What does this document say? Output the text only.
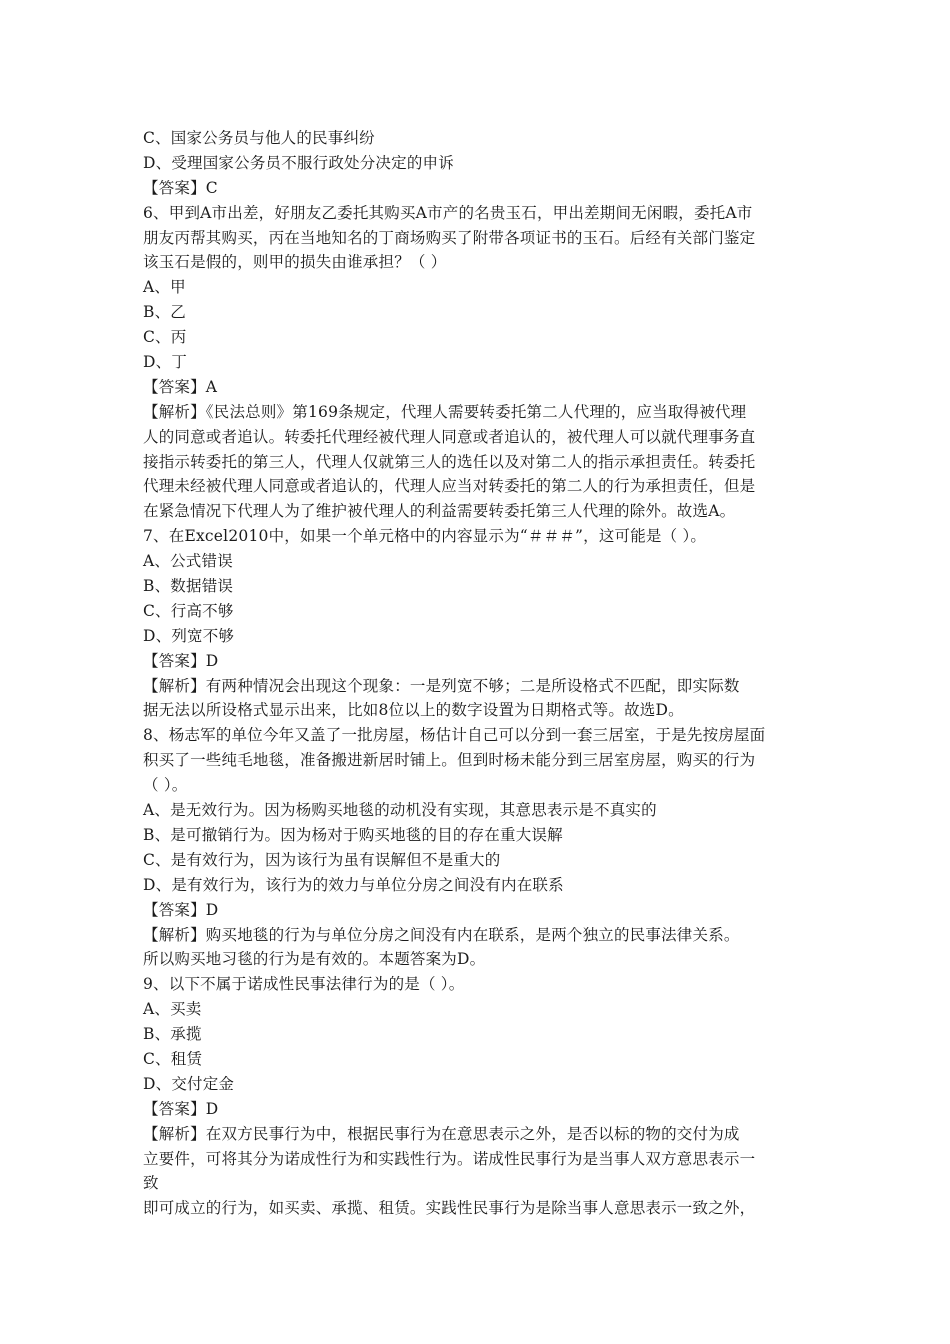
C、国家公务员与他人的民事纠纷
D、受理国家公务员不服行政处分决定的申诉
【答案】C
6、甲到A市出差，好朋友乙委托其购买A市产的名贵玉石，甲出差期间无闲暇，委托A市
朋友丙帮其购买，丙在当地知名的丁商场购买了附带各项证书的玉石。后经有关部门鉴定
该玉石是假的，则甲的损失由谁承担？（ ）
A、甲
B、乙
C、丙
D、丁
【答案】A
【解析】《民法总则》第169条规定，代理人需要转委托第二人代理的，应当取得被代理
人的同意或者追认。转委托代理经被代理人同意或者追认的，被代理人可以就代理事务直
接指示转委托的第三人，代理人仅就第三人的选任以及对第二人的指示承担责任。转委托
代理未经被代理人同意或者追认的，代理人应当对转委托的第二人的行为承担责任，但是
在紧急情况下代理人为了维护被代理人的利益需要转委托第三人代理的除外。故选A。
7、在Excel2010中，如果一个单元格中的内容显示为“＃＃＃”，这可能是（ ）。
A、公式错误
B、数据错误
C、行高不够
D、列宽不够
【答案】D
【解析】有两种情况会出现这个现象：一是列宽不够；二是所设格式不匹配，即实际数
据无法以所设格式显示出来，比如8位以上的数字设置为日期格式等。故选D。
8、杨志军的单位今年又盖了一批房屋，杨估计自己可以分到一套三居室，于是先按房屋面
积买了一些纯毛地毯，准备搬进新居时铺上。但到时杨未能分到三居室房屋，购买的行为
（ ）。
A、是无效行为。因为杨购买地毯的动机没有实现，其意思表示是不真实的
B、是可撤销行为。因为杨对于购买地毯的目的存在重大误解
C、是有效行为，因为该行为虽有误解但不是重大的
D、是有效行为，该行为的效力与单位分房之间没有内在联系
【答案】D
【解析】购买地毯的行为与单位分房之间没有内在联系，是两个独立的民事法律关系。
所以购买地习毯的行为是有效的。本题答案为D。
9、以下不属于诺成性民事法律行为的是（ ）。
A、买卖
B、承揽
C、租赁
D、交付定金
【答案】D
【解析】在双方民事行为中，根据民事行为在意思表示之外，是否以标的物的交付为成
立要件，可将其分为诺成性行为和实践性行为。诺成性民事行为是当事人双方意思表示一
致
即可成立的行为，如买卖、承揽、租赁。实践性民事行为是除当事人意思表示一致之外，
